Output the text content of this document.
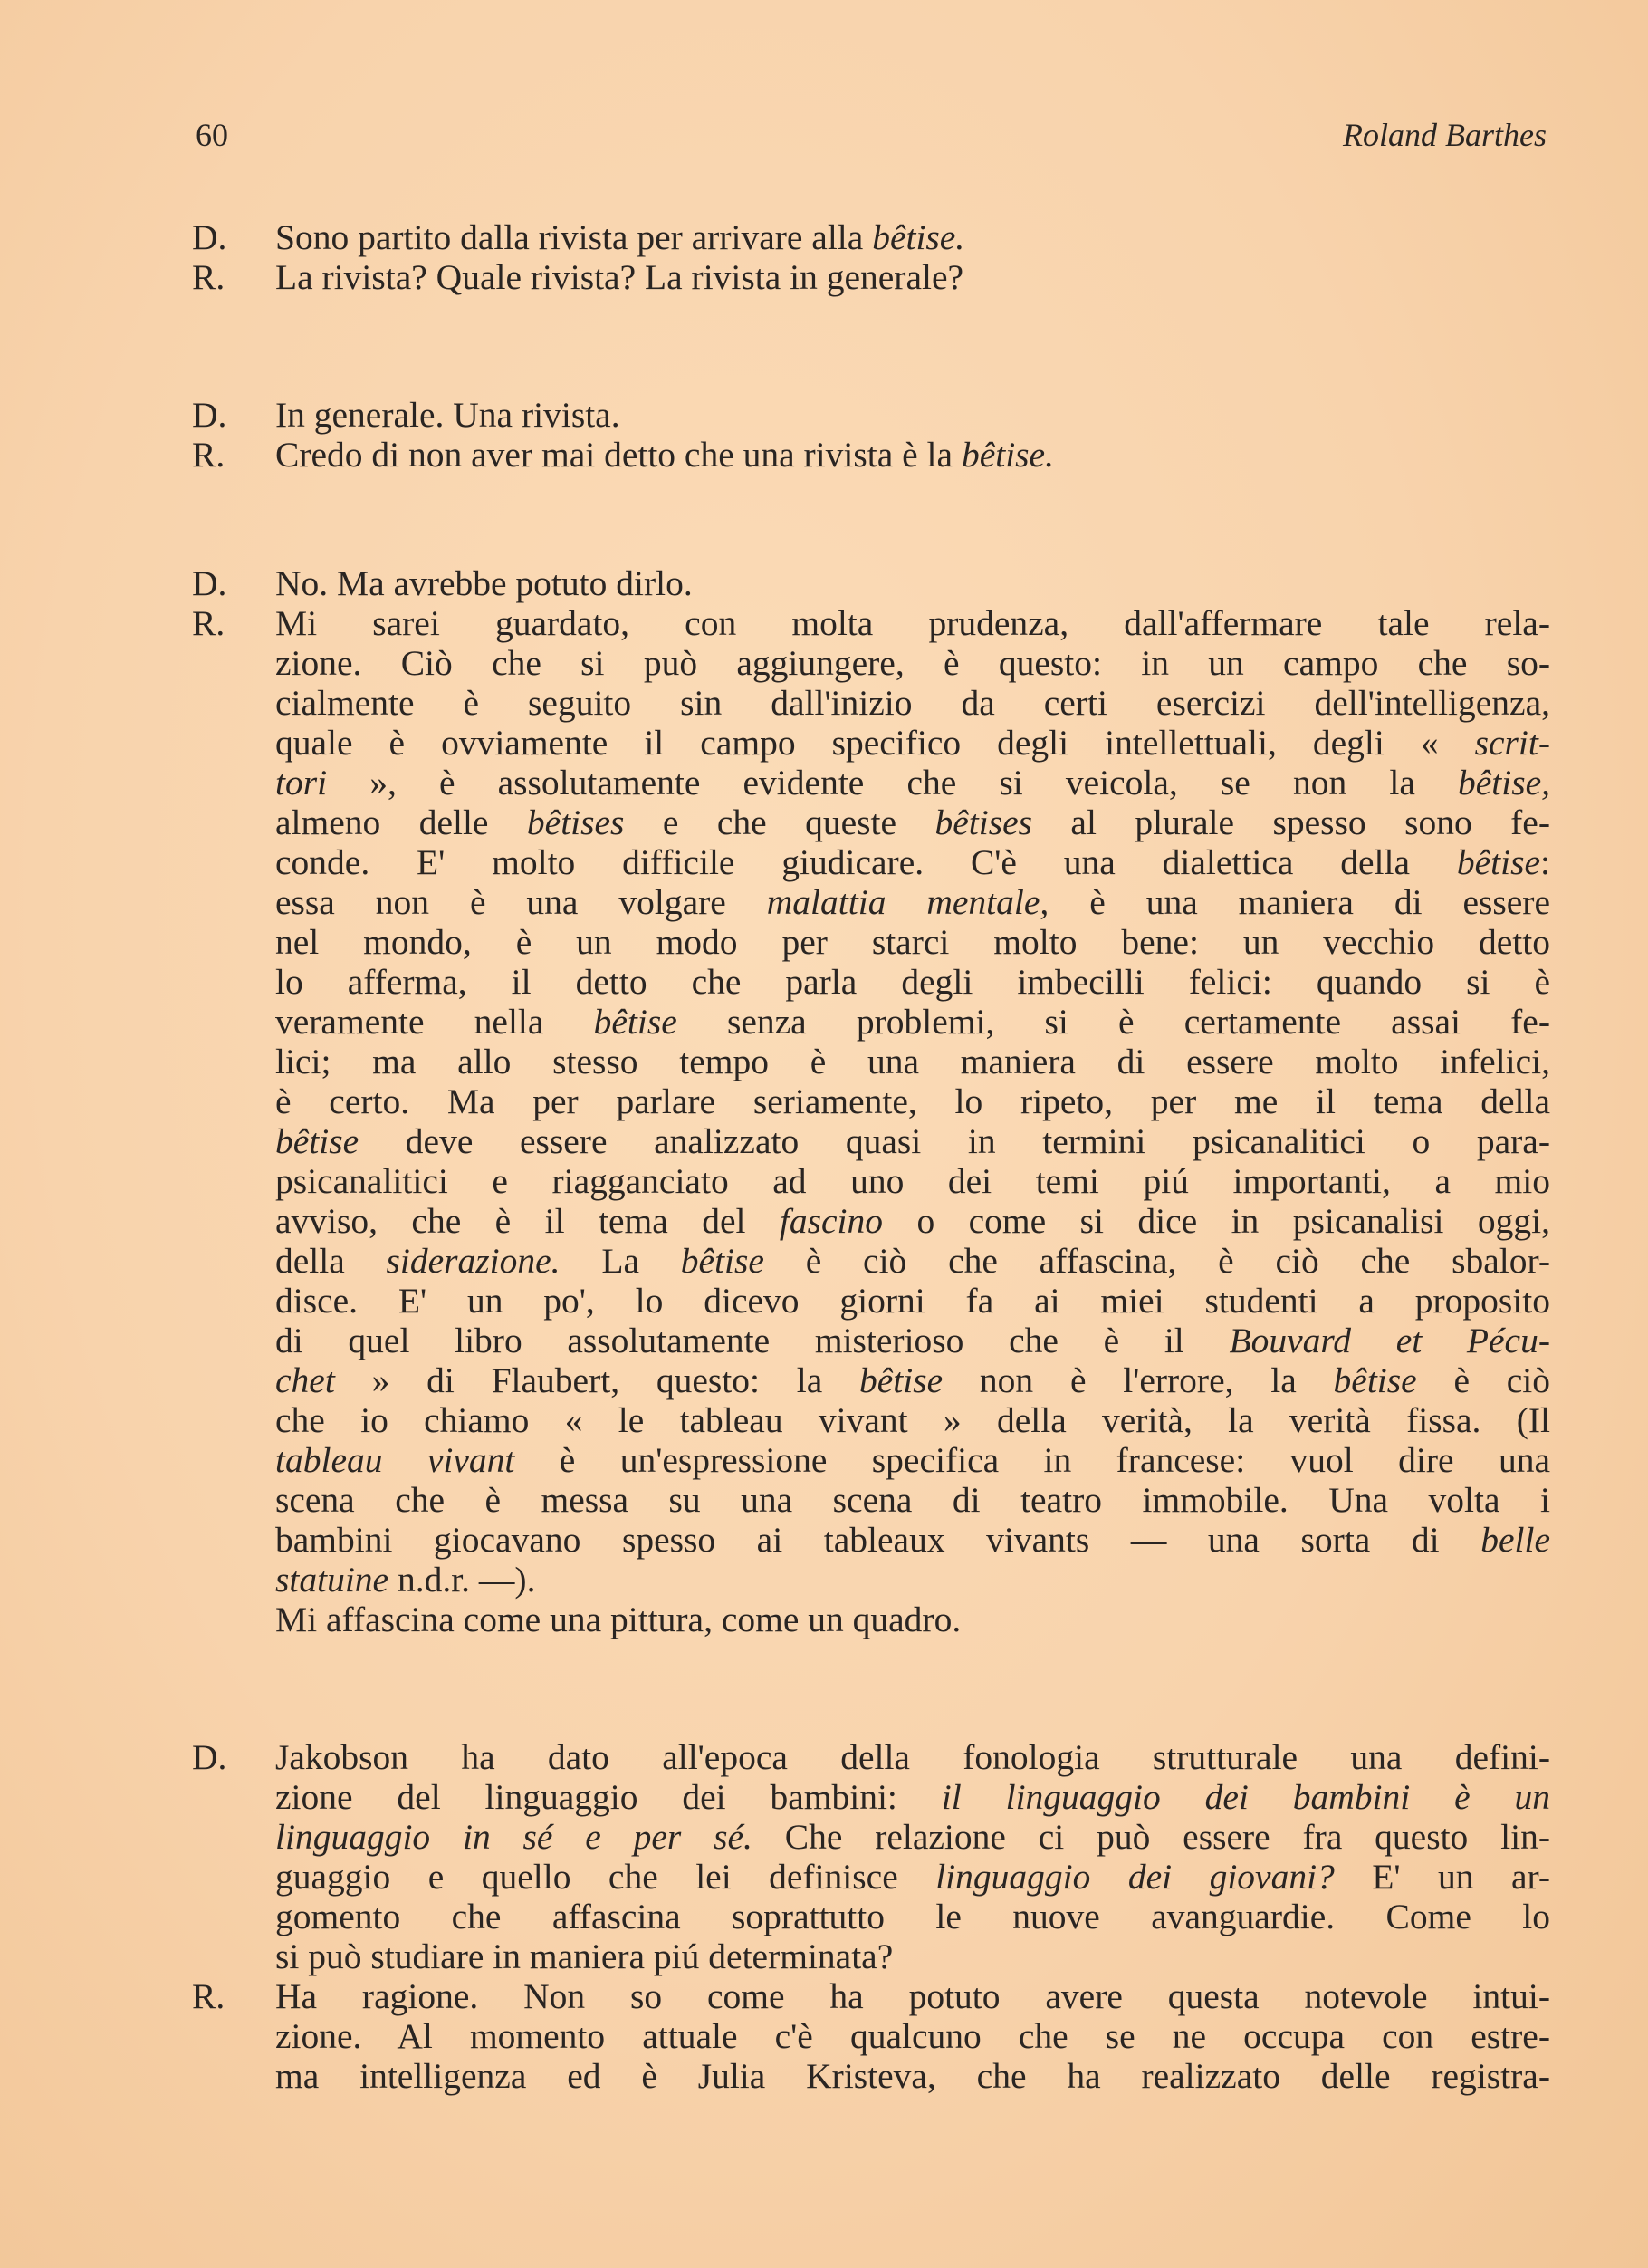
60	Roland Barthes
D.	Sono partito dalla rivista per arrivare alla bêtise.
R.	La rivista? Quale rivista? La rivista in generale?
D.	In generale. Una rivista.
R.	Credo di non aver mai detto che una rivista è la bêtise.
D.	No. Ma avrebbe potuto dirlo.
R.	Mi sarei guardato, con molta prudenza, dall'affermare tale rela-
zione. Ciò che si può aggiungere, è questo: in un campo che so-
cialmente è seguito sin dall'inizio da certi esercizi dell'intelligenza,
quale è ovviamente il campo specifico degli intellettuali, degli « scrit-
tori », è assolutamente evidente che si veicola, se non la bêtise,
almeno delle bêtises e che queste bêtises al plurale spesso sono fe-
conde. E' molto difficile giudicare. C'è una dialettica della bêtise:
essa non è una volgare malattia mentale, è una maniera di essere
nel mondo, è un modo per starci molto bene: un vecchio detto
lo afferma, il detto che parla degli imbecilli felici: quando si è
veramente nella bêtise senza problemi, si è certamente assai fe-
lici; ma allo stesso tempo è una maniera di essere molto infelici,
è certo. Ma per parlare seriamente, lo ripeto, per me il tema della
bêtise deve essere analizzato quasi in termini psicanalitici o para-
psicanalitici e riagganciato ad uno dei temi piú importanti, a mio
avviso, che è il tema del fascino o come si dice in psicanalisi oggi,
della siderazione. La bêtise è ciò che affascina, è ciò che sbalor-
disce. E' un po', lo dicevo giorni fa ai miei studenti a proposito
di quel libro assolutamente misterioso che è il Bouvard et Pécu-
chet » di Flaubert, questo: la bêtise non è l'errore, la bêtise è ciò
che io chiamo « le tableau vivant » della verità, la verità fissa. (Il
tableau vivant è un'espressione specifica in francese: vuol dire una
scena che è messa su una scena di teatro immobile. Una volta i
bambini giocavano spesso ai tableaux vivants — una sorta di belle
statuine n.d.r. —).
Mi affascina come una pittura, come un quadro.
D.	Jakobson ha dato all'epoca della fonologia strutturale una defini-
zione del linguaggio dei bambini: il linguaggio dei bambini è un
linguaggio in sé e per sé. Che relazione ci può essere fra questo lin-
guaggio e quello che lei definisce linguaggio dei giovani? E' un ar-
gomento che affascina soprattutto le nuove avanguardie. Come lo
si può studiare in maniera piú determinata?
R.	Ha ragione. Non so come ha potuto avere questa notevole intui-
zione. Al momento attuale c'è qualcuno che se ne occupa con estre-
ma intelligenza ed è Julia Kristeva, che ha realizzato delle registra-
